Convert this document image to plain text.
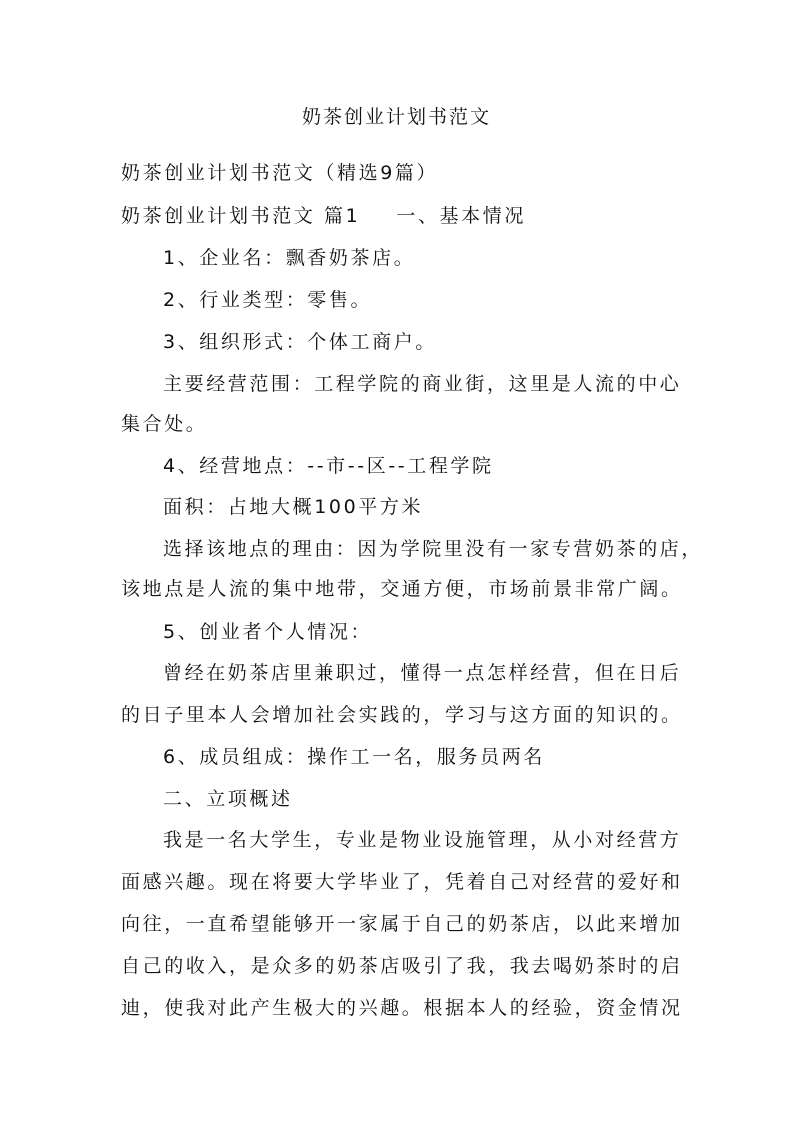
奶茶创业计划书范文

奶茶创业计划书范文（精选9篇）

奶茶创业计划书范文 篇1 一、基本情况

1、企业名：飘香奶茶店。

2、行业类型：零售。

3、组织形式：个体工商户。

主要经营范围：工程学院的商业街，这里是人流的中心

集合处。

4、经营地点：--市--区--工程学院

面积：占地大概100平方米

选择该地点的理由：因为学院里没有一家专营奶茶的店，

该地点是人流的集中地带，交通方便，市场前景非常广阔。

5、创业者个人情况：

曾经在奶茶店里兼职过，懂得一点怎样经营，但在日后

的日子里本人会增加社会实践的，学习与这方面的知识的。

6、成员组成：操作工一名，服务员两名

二、立项概述

我是一名大学生，专业是物业设施管理，从小对经营方

面感兴趣。现在将要大学毕业了，凭着自己对经营的爱好和

向往，一直希望能够开一家属于自己的奶茶店，以此来增加

自己的收入，是众多的奶茶店吸引了我，我去喝奶茶时的启

迪，使我对此产生极大的兴趣。根据本人的经验，资金情况
